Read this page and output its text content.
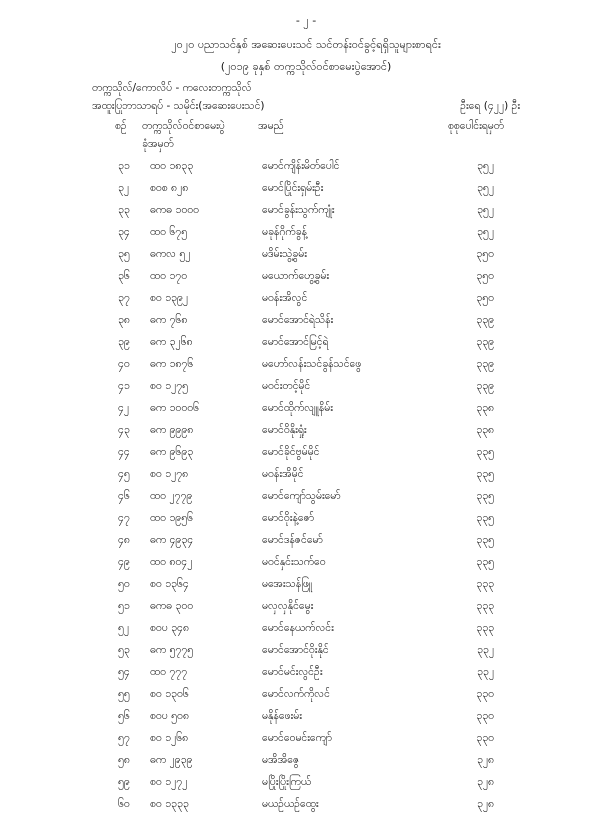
- ၂ -
၂၀၂၀ ပညာသင်နှစ် အဆေးပေးသင် သင်တန်းဝင်ခွင့်ရရှိသူများစာရင်း
(၂၀၁၉ ခုနှစ် တက္ကသိုလ်ဝင်စာမေးပွဲအောင်)
တက္ကသိုလ်/ကောလိပ် - ကလေးတက္ကသိုလ်
အထူးပြုဘာသာရပ် - သမိုင်း(အဆေးပေးသင်)	ဦးရေ (၄၂၂) ဦး
စဉ် တက္ကသိုလ်ဝင်စာမေးပွဲ
ခုံအမှတ်
အမည်	စုစုပေါင်းရမှတ်
၃၁ ထဝ ၁၈၃၃	မောင်ကျိန်းမိတ်ပေါင်	၃၅၂
၃၂ စဝစ ၈၂၈	မောင်ပြိုင်းရှမ်းဦး	၃၅၂
၃၃ ဓကဓ ၁၀၀၀	မောင်ခွန်းသွက်ကျုံး	၃၅၂
၃၄ ထဝ ၆၇၅	မခုန်ဂိုက်ခွန့်	၃၅၂
၃၅ ဓကလ ၅၂	မဒိမ်းသွဲ့ခွမ်း	၃၅၀
၃၆ ထဝ ၁၇၀	မယောက်ဟွေ့ခွမ်း	၃၅၀
၃၇ စဝ ၁၃၉၂	မဝန်းအိလွင်	၃၅၀
၃၈ ဓက ၇၆၈	မောင်အောင်ရဲသိန်း	၃၃၉
၃၉ ဓက ၃၂၆၈	မောင်အောင်မြင့်ရဲ	၃၃၉
၄၀ ဓက ၁၈၇၆	မဟော်လန်းသင်ခွန်သင်ဖွေ	၃၃၉
၄၁ စဝ ၁၂၇၅	မဝင်းတင့်မိုင်	၃၃၉
၄၂ ဓက ၁၀၀၀၆	မောင်ထိုက်လျူနိမ်း	၃၃၈
၄၃ ဓက ၉၉၉၈	မောင်ဝိနိုးရှုံး	၃၃၈
၄၄ ဓက ၉၆၉၃	မောင်ခိုင်ဗွမ်မိုင်	၃၃၅
၄၅ စဝ ၁၂၇၈	မဝန်းအိမိုင်	၃၃၅
၄၆ ထဝ ၂၇၇၉	မောင်ကျော်သွမ်းမော်	၃၃၅
၄၇ ထဝ ၁၉၅၆	မောင်ဝိုးနဲ့ဇော်	၃၃၅
၄၈ ဓက ၄၉၃၄	မောင်ဒန်ဇင်မော်	၃၃၅
၄၉ ထဝ ၈၀၄၂	မဝင်နှင်းသက်ဝေ	၃၃၅
၅၀ စဝ ၁၃၆၄	မအေးသန်ဖြူ	၃၃၃
၅၁ ဓကဓ ၃၀၀	မလှလှနိုင်မွေး	၃၃၃
၅၂ စဝပ ၃၄၈	မောင်နေယက်လင်း	၃၃၃
၅၃ ဓက ၅၇၇၅	မောင်အောင်ဝိုးနိုင်	၃၃၂
၅၄ ထဝ ၇၇၇	မောင်မင်းလွင်ဦး	၃၃၂
၅၅ စဝ ၁၃၀၆	မောင်လက်ကိုလင်	၃၃၀
၅၆ စဝပ ၅၀၈	မနိုန်ဖေးမ်း	၃၃၀
၅၇ စဝ ၁၂၆၈	မောင်ဝေမင်းကျော်	၃၃၀
၅၈ ဓက ၂၉၃၉	မအိအိဇွေ	၃၂၈
၅၉ စဝ ၁၂၇၂	မပြိုးပြိုးကြယ်	၃၂၈
၆၀ စဝ ၁၃၃၃	မယဉ်ယဉ်ထွေး	၃၂၈
